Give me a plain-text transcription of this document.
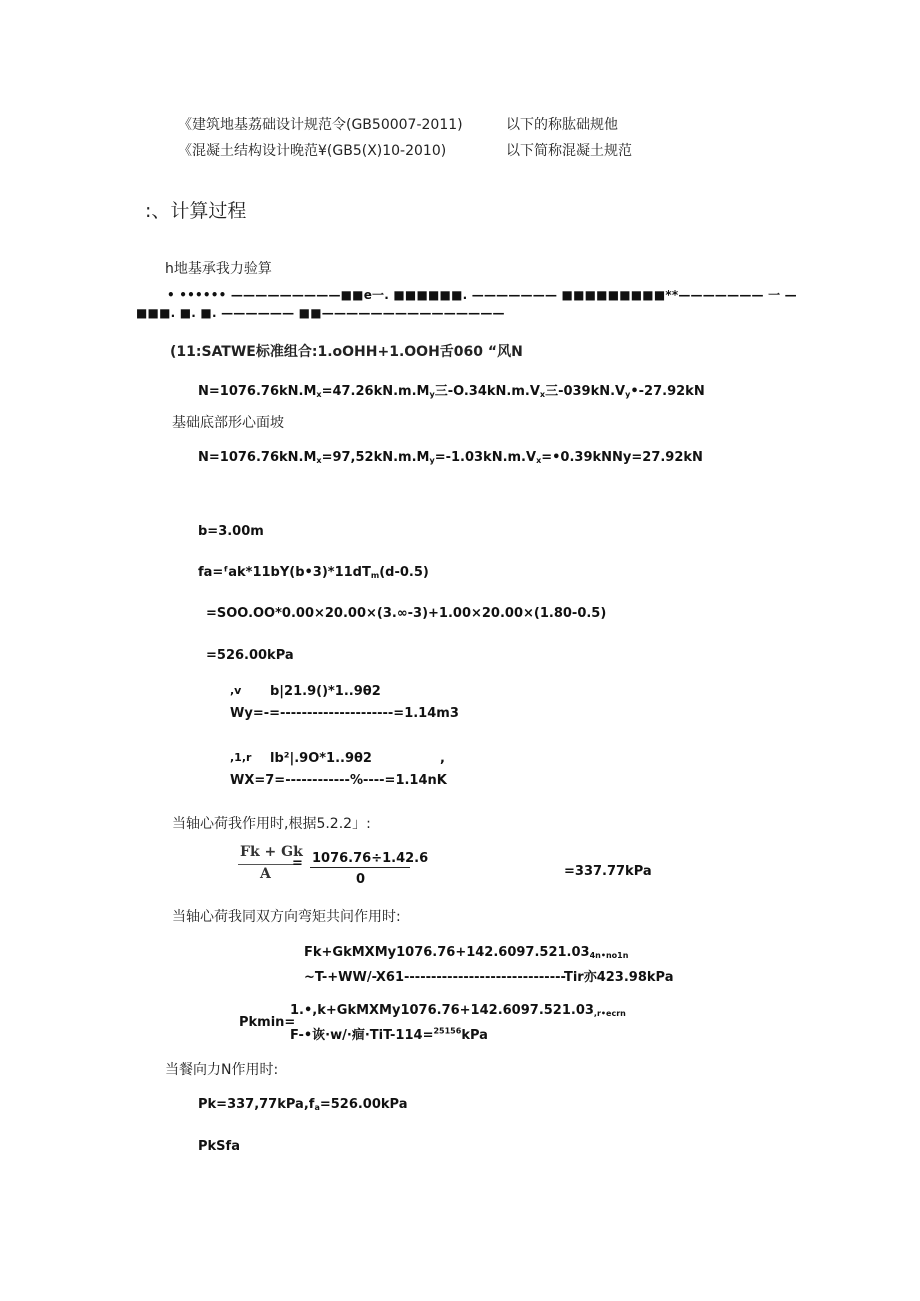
《建筑地基荔础设计规范令(GB50007-2011)	以下的称肱础规他
《混凝土结构设计晚范¥(GB5(X)10-2010)	以下简称混凝土规范
:、计算过程
h地基承我力验算
• •••••• —————————■■e一. ■■■■■■. ——————— ■■■■■■■■■**——————— 一 —
■■■. ■. ■. —————— ■■———————————————
(11:SATWE标准组合:1.oOHH+1.OOH舌060 “风N
$N=1076.76kN.M_x=47.26kN.m.M_y$三$-O.34kN.m.V_x$三$-039kN.V_y•-27.92kN$
基础底部形心面坡
$N=1076.76kN.M_x=97,52kN.m.M_y=-1.03kN.m.V_x=•0.39kNNy=27.92kN$
b=3.00m
$fa=ᶠak*11bY(b•3)*11dT_m(d-0.5)$
=SOO.OO*0.00×20.00×(3.∞-3)+1.00×20.00×(1.80-0.5)
=526.00kPa
,v b|21.9()*1..9θ2
Wy=-=---------------------=1.14m3
,1,r lb²|.9O*1..9θ2	,
WX=7=------------%----=1.14nK
当轴心荷我作用时,根据5.2.2」:
Fk + Gk
A
= 1076.76÷1.42.6
0
=337.77kPa
当轴心荷我同双方向弯矩共问作用时:
$Fk+GkMXMy1076.76+142.6097.521.03_{4n•no1n}$
~T-+WW/-X61------------------------------Tir亦423.98kPa
Pkmin=
$1.•,k+GkMXMy1076.76+142.6097.521.03_{,r•ecrn}$
F-•诙·w/·痐·TiT-114=$^{25156}$kPa
当餐向力N作用时:
$Pk=337,77kPa,f_a=526.00kPa$
PkSfa
